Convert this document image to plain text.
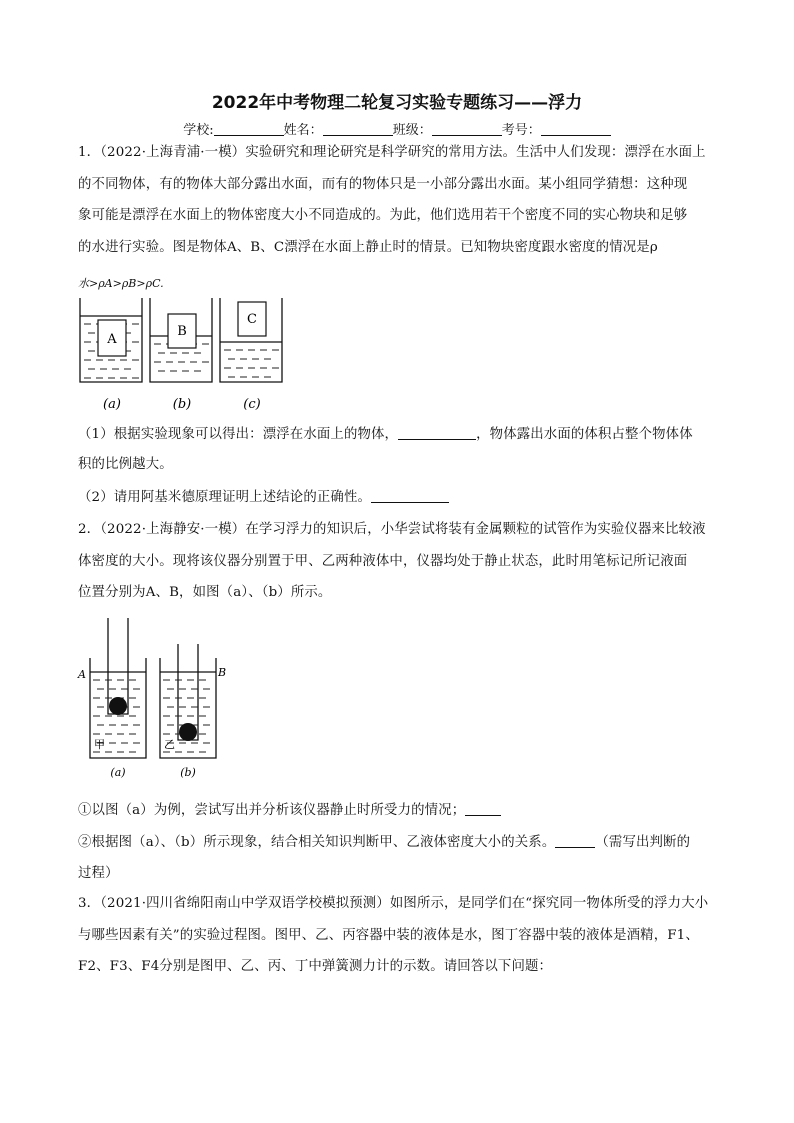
2022年中考物理二轮复习实验专题练习——浮力
学校:	姓名：	班级：	考号：
1．（2022·上海青浦·一模）实验研究和理论研究是科学研究的常用方法。生活中人们发现：漂浮在水面上
的不同物体，有的物体大部分露出水面，而有的物体只是一小部分露出水面。某小组同学猜想：这种现
象可能是漂浮在水面上的物体密度大小不同造成的。为此，他们选用若干个密度不同的实心物块和足够
的水进行实验。图是物体A、B、C漂浮在水面上静止时的情景。已知物块密度跟水密度的情况是ρ
水>ρA>ρB>ρC.
A
B
C
(a)	(b)	(c)
（1）根据实验现象可以得出：漂浮在水面上的物体，	，物体露出水面的体积占整个物体体
积的比例越大。
（2）请用阿基米德原理证明上述结论的正确性。
2．（2022·上海静安·一模）在学习浮力的知识后，小华尝试将装有金属颗粒的试管作为实验仪器来比较液
体密度的大小。现将该仪器分别置于甲、乙两种液体中，仪器均处于静止状态，此时用笔标记所记液面
位置分别为A、B，如图（a）、（b）所示。
A	B
甲	乙
(a)	(b)
①以图（a）为例，尝试写出并分析该仪器静止时所受力的情况；
②根据图（a）、（b）所示现象，结合相关知识判断甲、乙液体密度大小的关系。	（需写出判断的
过程）
3．（2021·四川省绵阳南山中学双语学校模拟预测）如图所示，是同学们在“探究同一物体所受的浮力大小
与哪些因素有关”的实验过程图。图甲、乙、丙容器中装的液体是水，图丁容器中装的液体是酒精，F1、
F2、F3、F4分别是图甲、乙、丙、丁中弹簧测力计的示数。请回答以下问题：
